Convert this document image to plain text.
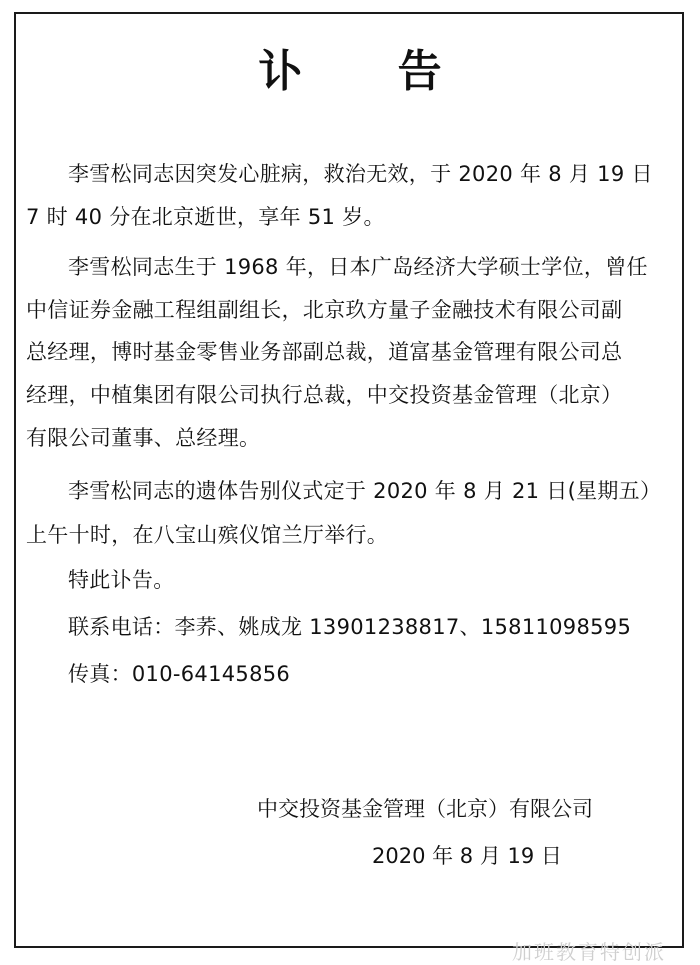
讣 告
李雪松同志因突发心脏病，救治无效，于 2020 年 8 月 19 日
7 时 40 分在北京逝世，享年 51 岁。
李雪松同志生于 1968 年，日本广岛经济大学硕士学位，曾任
中信证券金融工程组副组长，北京玖方量子金融技术有限公司副
总经理，博时基金零售业务部副总裁，道富基金管理有限公司总
经理，中植集团有限公司执行总裁，中交投资基金管理（北京）
有限公司董事、总经理。
李雪松同志的遗体告别仪式定于 2020 年 8 月 21 日(星期五）
上午十时，在八宝山殡仪馆兰厅举行。
特此讣告。
联系电话：李荞、姚成龙 13901238817、15811098595
传真：010-64145856
中交投资基金管理（北京）有限公司
2020 年 8 月 19 日
加班教育特创派
